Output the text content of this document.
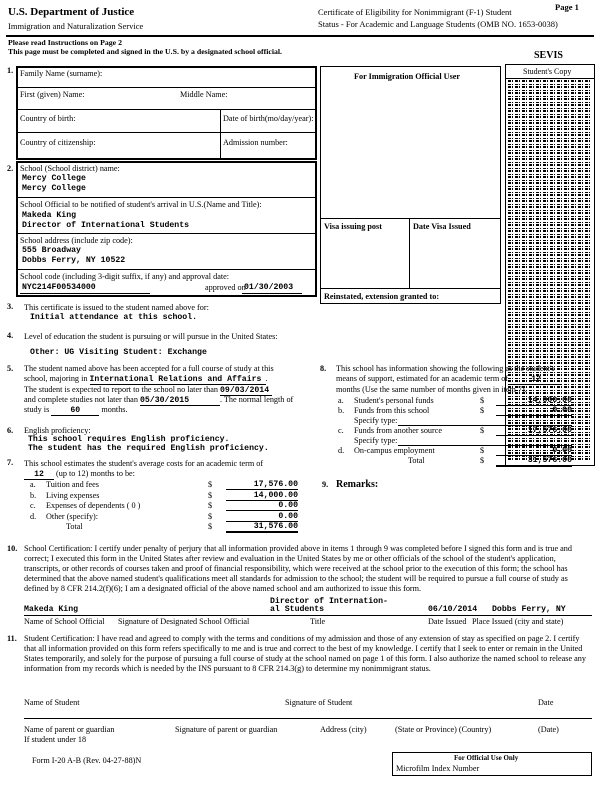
U.S. Department of Justice
Immigration and Naturalization Service
Certificate of Eligibility for Nonimmigrant (F-1) Student
Status - For Academic and Language Students (OMB NO. 1653-0038)
Page 1
Please read Instructions on Page 2
This page must be completed and signed in the U.S. by a designated school official.	SEVIS
Student's Copy
1. Family Name (surname):
First (given) Name:	Middle Name:
Country of birth:	Date of birth(mo/day/year):
Country of citizenship:	Admission number:
For Immigration Official User
Visa issuing post	Date Visa Issued
Reinstated, extension granted to:
2. School (School district) name:
Mercy College
Mercy College
School Official to be notified of student's arrival in U.S.(Name and Title):
Makeda King
Director of International Students
School address (include zip code):
555 Broadway
Dobbs Ferry, NY 10522
School code (including 3-digit suffix, if any) and approval date:
NYC214F00534000	approved on
01/30/2003
3. This certificate is issued to the student named above for:
Initial attendance at this school.
4. Level of education the student is pursuing or will pursue in the United States:
Other: UG Visiting Student: Exchange
5. The student named above has been accepted for a full course of study at this
school, majoring in International Relations and Affairs .
The student is expected to report to the school no later than 09/03/2014
and complete studies not later than 05/30/2015	. The normal length of
study is	60	months.
6. English proficiency:
This school requires English proficiency.
The student has the required English proficiency.
7. This school estimates the student's average costs for an academic term of
12 (up to 12) months to be:
a. Tuition and fees	$	17,576.00
b. Living expenses	$	14,000.00
c. Expenses of dependents ( 0 )	$	0.00
d. Other (specify):	$	0.00
Total	$	31,576.00
8. This school has information showing the following as the student's
means of support, estimated for an academic term of	12
months (Use the same number of months given in item 7).
a. Student's personal funds	$	14,000.00
b. Funds from this school	$	0.00
Specify type:
c. Funds from another source	$	17,576.00
Specify type:
d. On-campus employment	$	0.00
Total	$	31,576.00
9. Remarks:
10. School Certification: I certify under penalty of perjury that all information provided above in items 1 through 9 was completed before I signed this form and is true and correct; I executed this form in the United States after review and evaluation in the United States by me or other officials of the school of the student's application, transcripts, or other records of courses taken and proof of financial responsibility, which were received at the school prior to the execution of this form; the school has determined that the above named student's qualifications meet all standards for admission to the school; the student will be required to pursue a full course of study as defined by 8 CFR 214.2(f)(6); I am a designated official of the above named school and am authorized to issue this form.
Director of Internation-
al Students
Makeda King	06/10/2014 Dobbs Ferry, NY
Name of School Official Signature of Designated School Official	Title	Date Issued Place Issued (city and state)
11. Student Certification: I have read and agreed to comply with the terms and conditions of my admission and those of any extension of stay as specified on page 2. I certify that all information provided on this form refers specifically to me and is true and correct to the best of my knowledge. I certify that I seek to enter or remain in the United States temporarily, and solely for the purpose of pursuing a full course of study at the school named on page 1 of this form. I also authorize the named school to release any information from my records which is needed by the INS pursuant to 8 CFR 214.3(g) to determine my nonimmigrant status.
Name of Student	Signature of Student	Date
Name of parent or guardian
If student under 18
Signature of parent or guardian	Address (city)	(State or Province) (Country)	(Date)
Form I-20 A-B (Rev. 04-27-88)N	For Official Use Only
Microfilm Index Number
